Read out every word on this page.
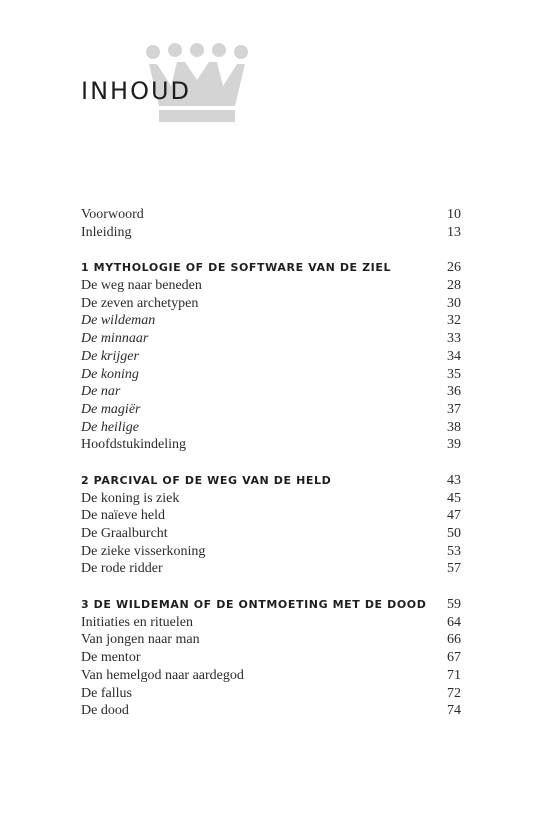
INHOUD
Voorwoord	10
Inleiding	13
1 MYTHOLOGIE OF DE SOFTWARE VAN DE ZIEL	26
De weg naar beneden	28
De zeven archetypen	30
De wildeman	32
De minnaar	33
De krijger	34
De koning	35
De nar	36
De magiër	37
De heilige	38
Hoofdstukindeling	39
2 PARCIVAL OF DE WEG VAN DE HELD	43
De koning is ziek	45
De naïeve held	47
De Graalburcht	50
De zieke visserkoning	53
De rode ridder	57
3 DE WILDEMAN OF DE ONTMOETING MET DE DOOD 59
Initiaties en rituelen	64
Van jongen naar man	66
De mentor	67
Van hemelgod naar aardegod	71
De fallus	72
De dood	74
